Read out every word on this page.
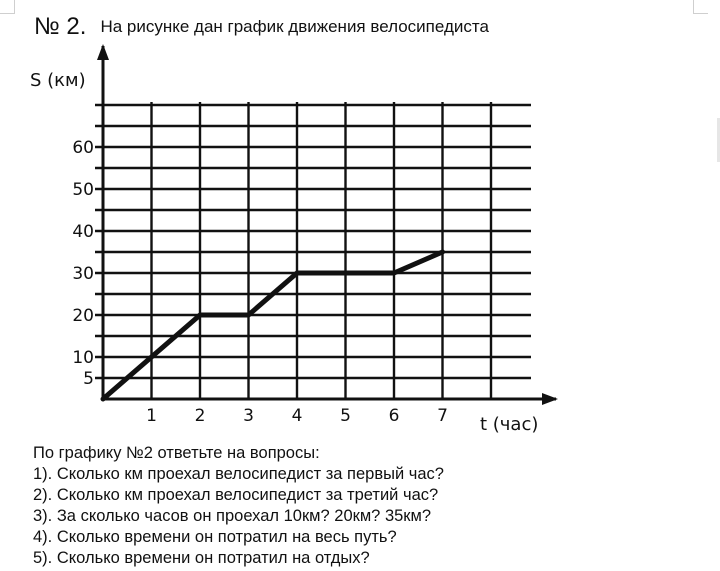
№ 2. На рисунке дан график движения велосипедиста
5
10
20
30
40
50
60
1 2 3 4 5 6 7
S (км)
t (час)

По графику №2 ответьте на вопросы:

1). Сколько км проехал велосипедист за первый час?
2). Сколько км проехал велосипедист за третий час?
3). За сколько часов он проехал 10км? 20км? 35км?
4). Сколько времени он потратил на весь путь?
5). Сколько времени он потратил на отдых?
